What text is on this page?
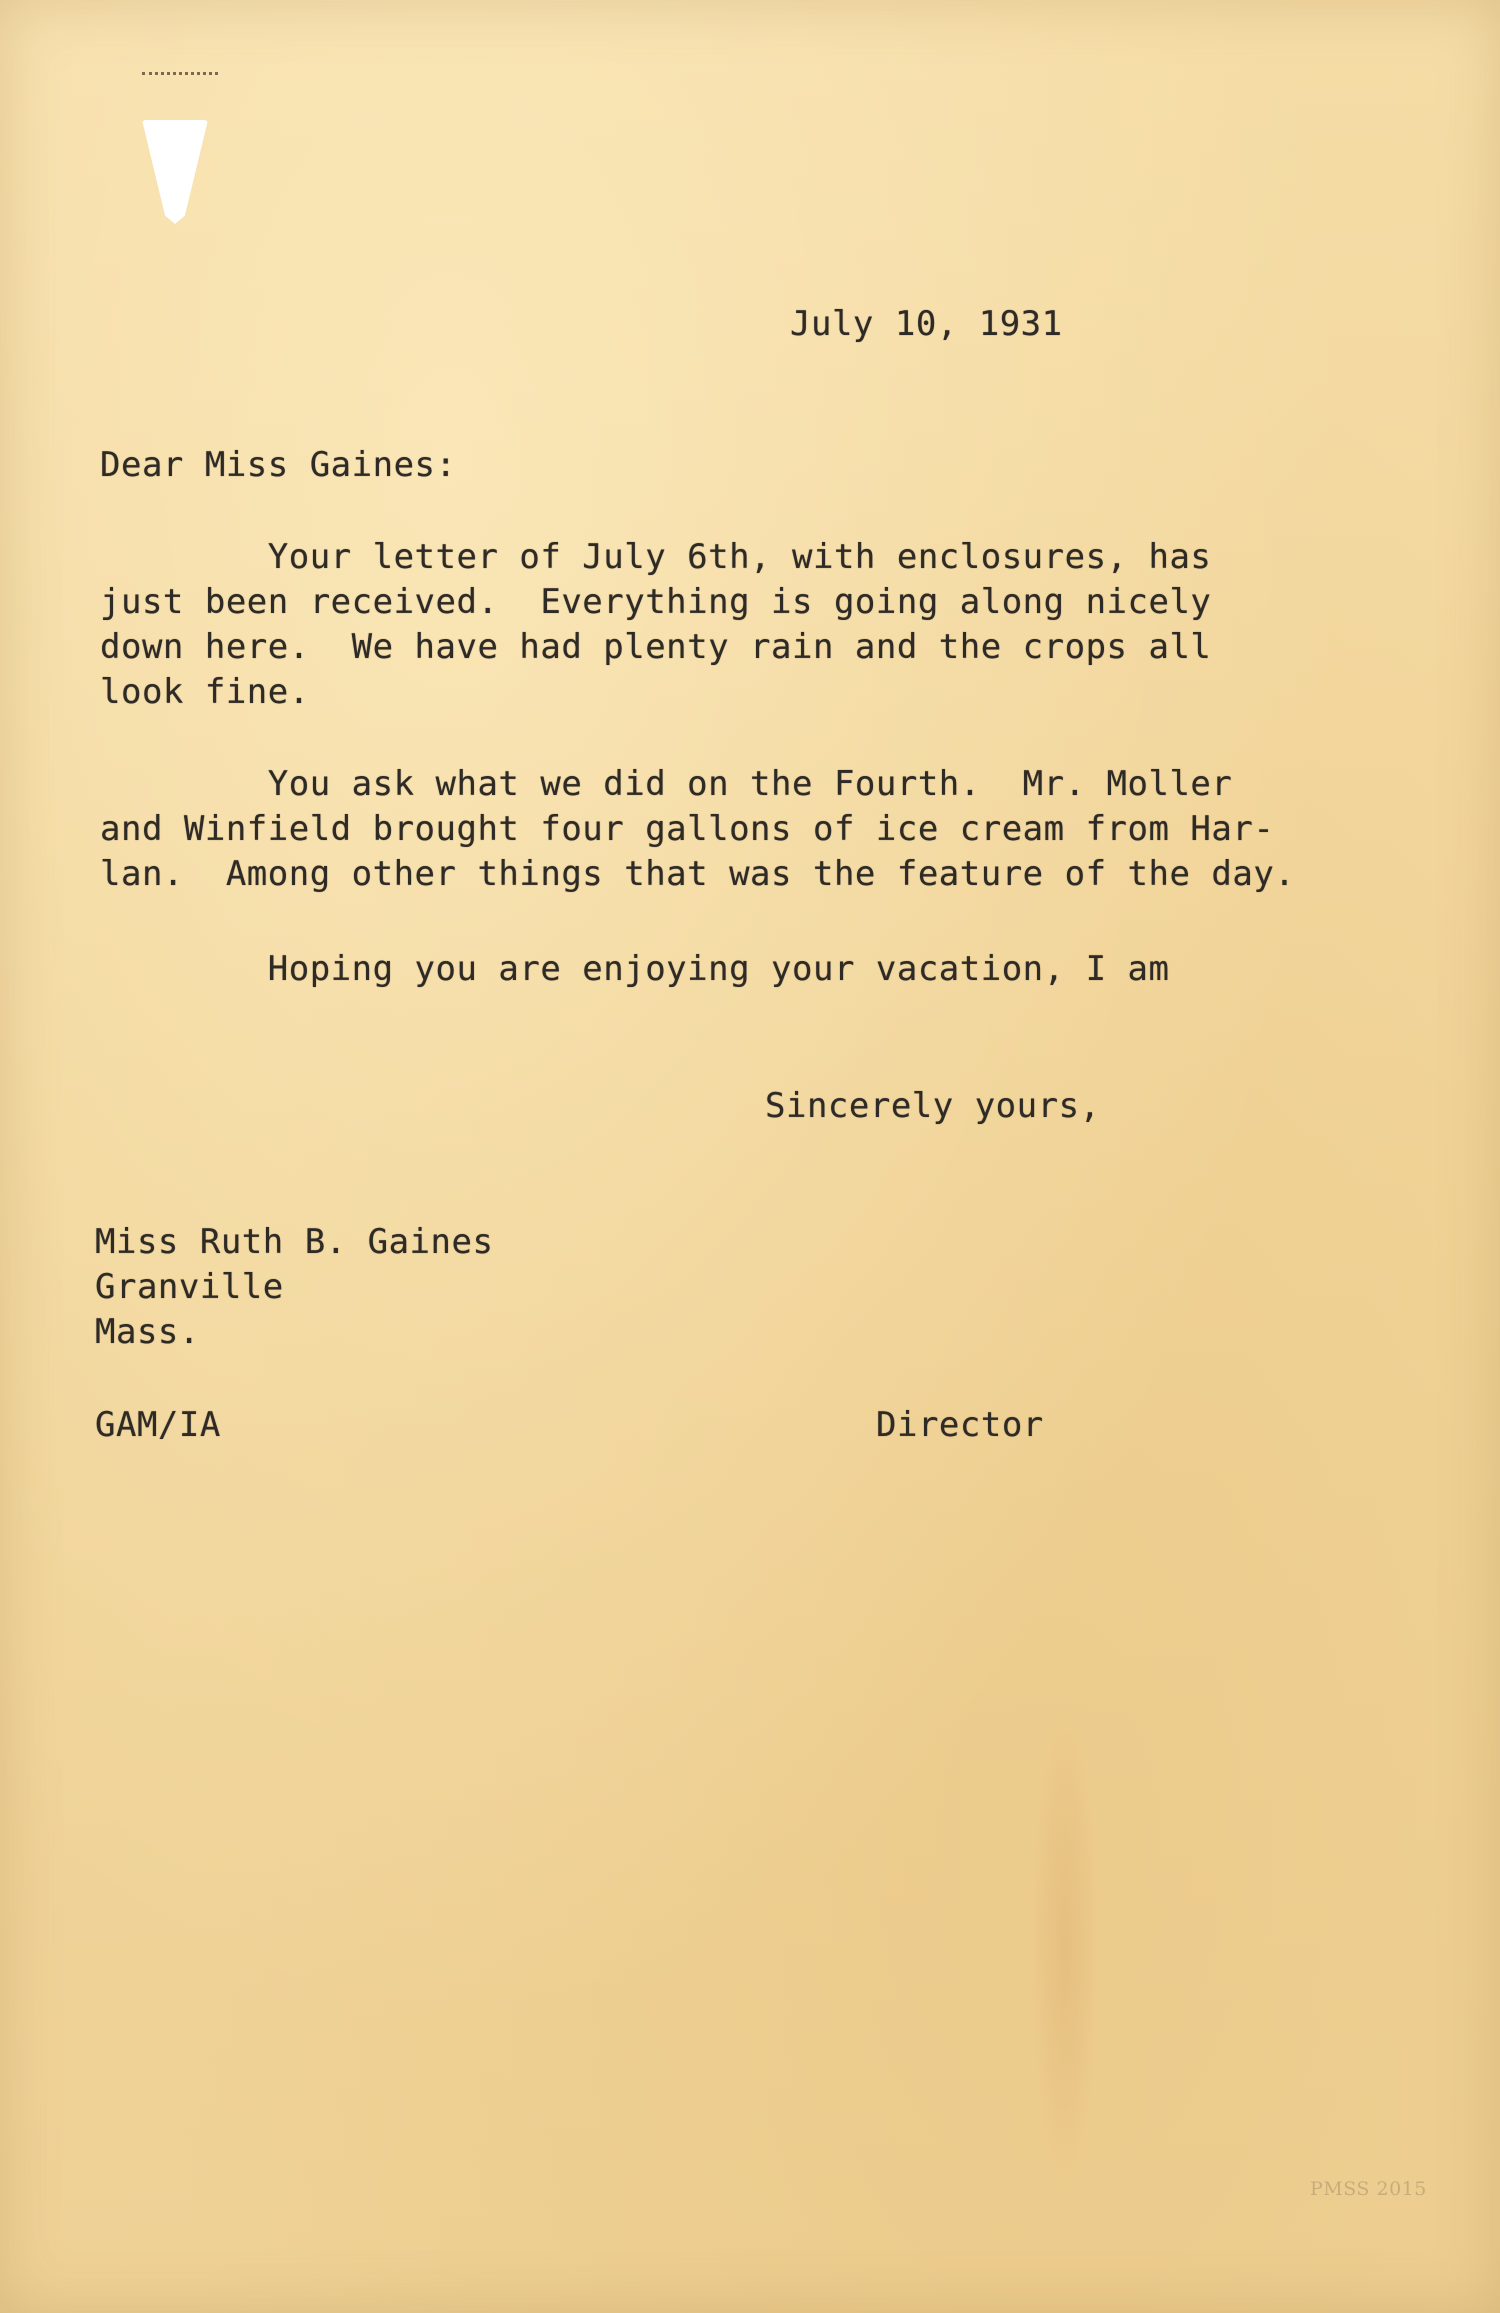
July 10, 1931
Dear Miss Gaines:
Your letter of July 6th, with enclosures, has
just been received.  Everything is going along nicely
down here.  We have had plenty rain and the crops all
look fine.
You ask what we did on the Fourth.  Mr. Moller
and Winfield brought four gallons of ice cream from Har-
lan.  Among other things that was the feature of the day.
Hoping you are enjoying your vacation, I am
Sincerely yours,
Miss Ruth B. Gaines
Granville
Mass.
GAM/IA	Director
PMSS 2015
